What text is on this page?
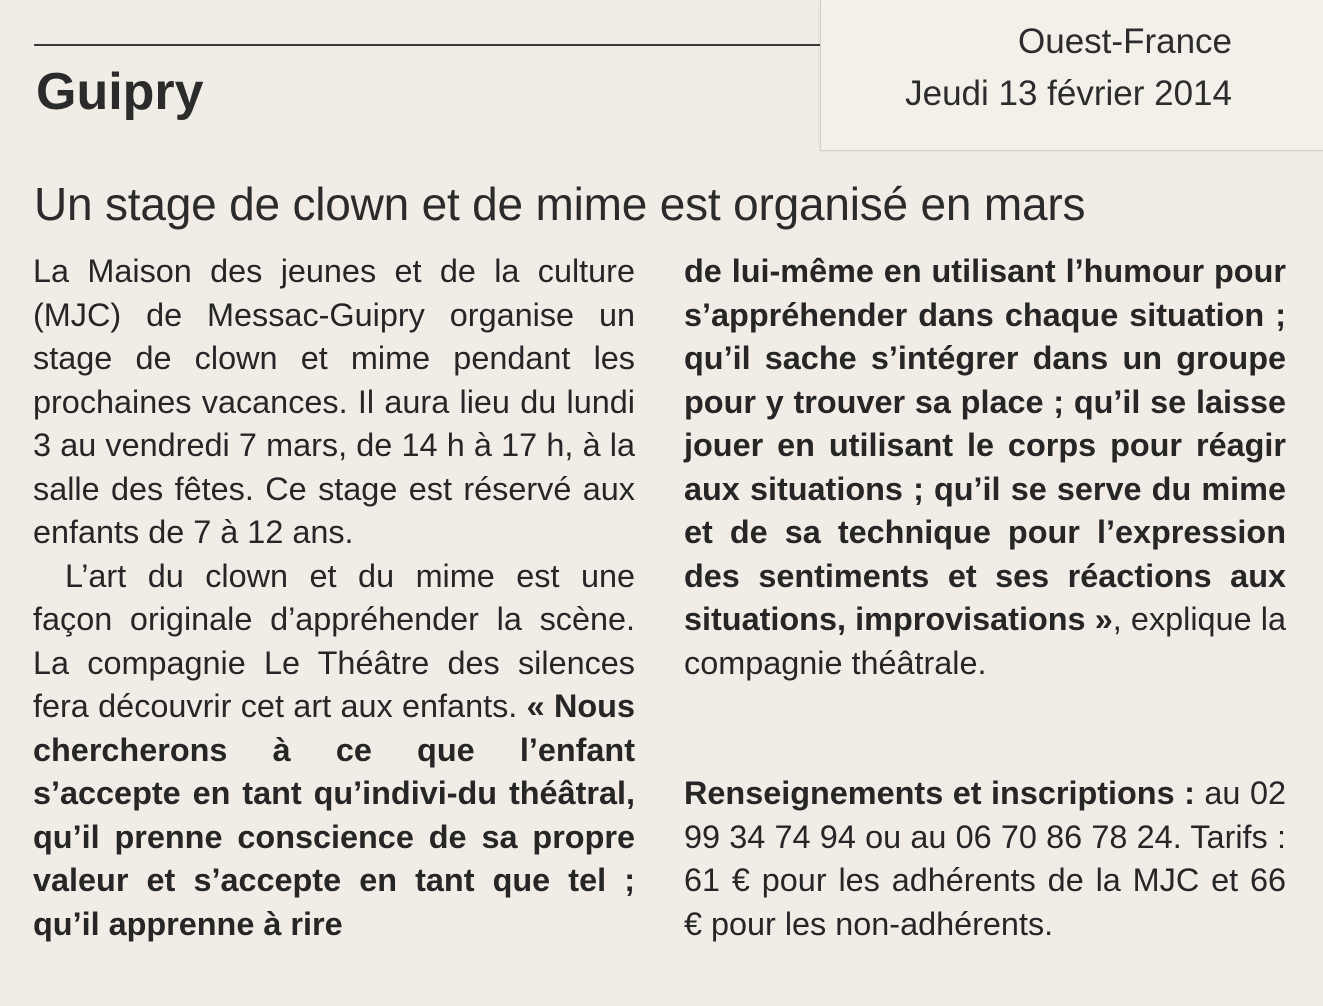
Ouest-France
Jeudi 13 février 2014
Guipry
Un stage de clown et de mime est organisé en mars

La Maison des jeunes et de la culture (MJC) de Messac-Guipry organise un stage de clown et mime pendant les prochaines vacances. Il aura lieu du lundi 3 au vendredi 7 mars, de 14 h à 17 h, à la salle des fêtes. Ce stage est réservé aux enfants de 7 à 12 ans.

L’art du clown et du mime est une façon originale d’appréhender la scène. La compagnie Le Théâtre des silences fera découvrir cet art aux enfants. « Nous chercherons à ce que l’enfant s’accepte en tant qu’indivi-du théâtral, qu’il prenne conscience de sa propre valeur et s’accepte en tant que tel ; qu’il apprenne à rire

de lui-même en utilisant l’humour pour s’appréhender dans chaque situation ; qu’il sache s’intégrer dans un groupe pour y trouver sa place ; qu’il se laisse jouer en utilisant le corps pour réagir aux situations ; qu’il se serve du mime et de sa technique pour l’expression des sentiments et ses réactions aux situations, improvisations », explique la compagnie théâtrale.

Renseignements et inscriptions : au 02 99 34 74 94 ou au 06 70 86 78 24. Tarifs : 61 € pour les adhérents de la MJC et 66 € pour les non-adhérents.
